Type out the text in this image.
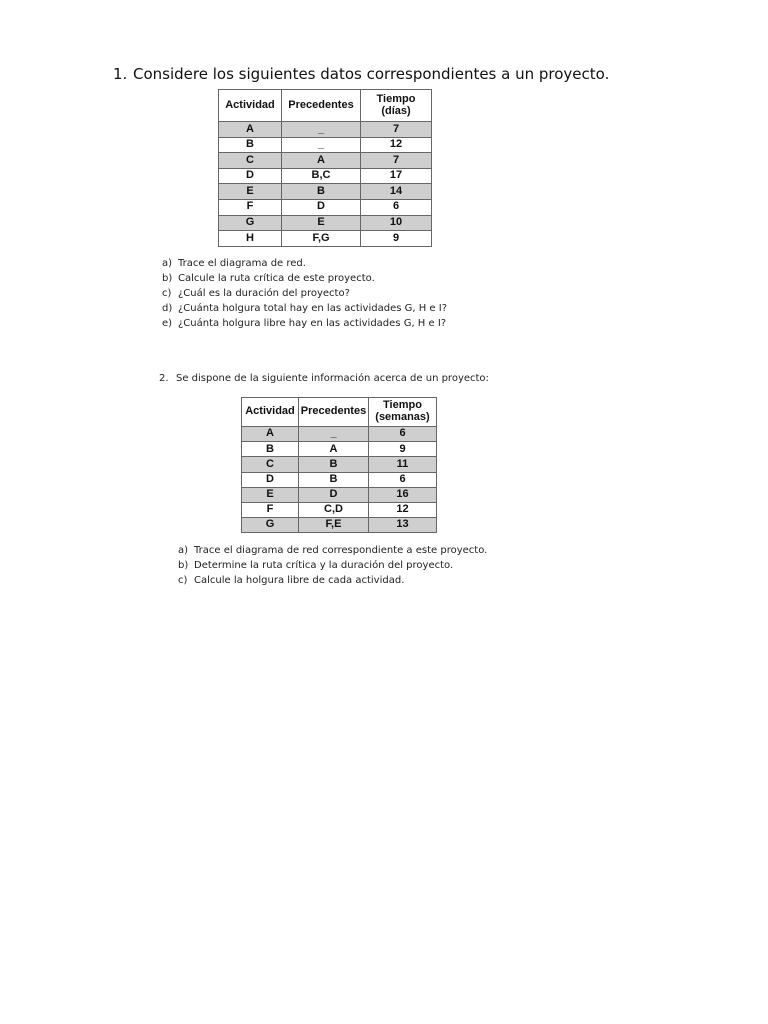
1. Considere los siguientes datos correspondientes a un proyecto.
Actividad	Precedentes	Tiempo (días)
A	_	7
B	_	12
C	A	7
D	B,C	17
E	B	14
F	D	6
G	E	10
H	F,G	9
a) Trace el diagrama de red.
b) Calcule la ruta crítica de este proyecto.
c) ¿Cuál es la duración del proyecto?
d) ¿Cuánta holgura total hay en las actividades G, H e I?
e) ¿Cuánta holgura libre hay en las actividades G, H e I?
2. Se dispone de la siguiente información acerca de un proyecto:
Actividad	Precedentes	Tiempo (semanas)
A	_	6
B	A	9
C	B	11
D	B	6
E	D	16
F	C,D	12
G	F,E	13
a) Trace el diagrama de red correspondiente a este proyecto.
b) Determine la ruta crítica y la duración del proyecto.
c) Calcule la holgura libre de cada actividad.
